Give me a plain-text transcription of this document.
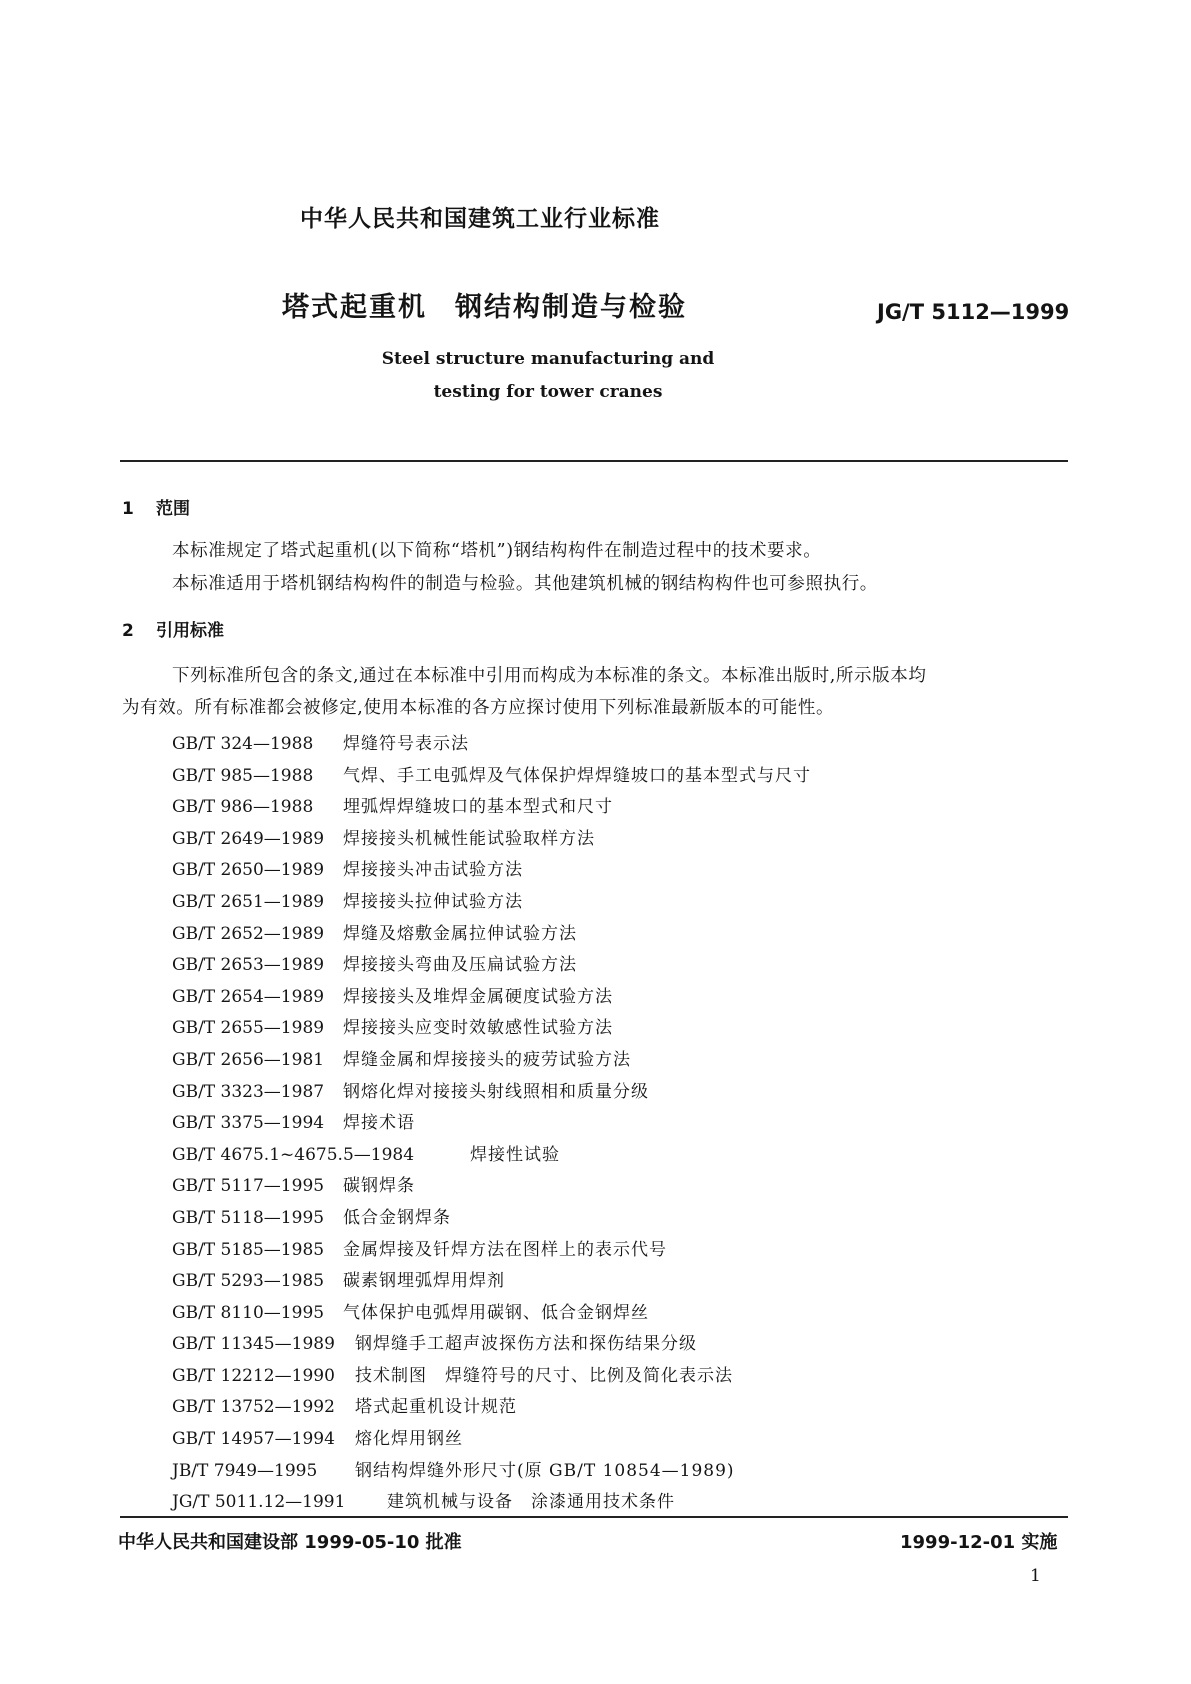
中华人民共和国建筑工业行业标准
塔式起重机 钢结构制造与检验	JG/T 5112—1999
Steel structure manufacturing and
testing for tower cranes
1 范围
本标准规定了塔式起重机(以下简称“塔机”)钢结构构件在制造过程中的技术要求。
本标准适用于塔机钢结构构件的制造与检验。其他建筑机械的钢结构构件也可参照执行。
2 引用标准
下列标准所包含的条文,通过在本标准中引用而构成为本标准的条文。本标准出版时,所示版本均
为有效。所有标准都会被修定,使用本标准的各方应探讨使用下列标准最新版本的可能性。
GB/T 324—1988 焊缝符号表示法
GB/T 985—1988 气焊、手工电弧焊及气体保护焊焊缝坡口的基本型式与尺寸
GB/T 986—1988 埋弧焊焊缝坡口的基本型式和尺寸
GB/T 2649—1989 焊接接头机械性能试验取样方法
GB/T 2650—1989 焊接接头冲击试验方法
GB/T 2651—1989 焊接接头拉伸试验方法
GB/T 2652—1989 焊缝及熔敷金属拉伸试验方法
GB/T 2653—1989 焊接接头弯曲及压扁试验方法
GB/T 2654—1989 焊接接头及堆焊金属硬度试验方法
GB/T 2655—1989 焊接接头应变时效敏感性试验方法
GB/T 2656—1981 焊缝金属和焊接接头的疲劳试验方法
GB/T 3323—1987 钢熔化焊对接接头射线照相和质量分级
GB/T 3375—1994 焊接术语
GB/T 4675.1~4675.5—1984	焊接性试验
GB/T 5117—1995 碳钢焊条
GB/T 5118—1995 低合金钢焊条
GB/T 5185—1985 金属焊接及钎焊方法在图样上的表示代号
GB/T 5293—1985 碳素钢埋弧焊用焊剂
GB/T 8110—1995 气体保护电弧焊用碳钢、低合金钢焊丝
GB/T 11345—1989 钢焊缝手工超声波探伤方法和探伤结果分级
GB/T 12212—1990 技术制图　焊缝符号的尺寸、比例及简化表示法
GB/T 13752—1992 塔式起重机设计规范
GB/T 14957—1994 熔化焊用钢丝
JB/T 7949—1995 钢结构焊缝外形尺寸(原 GB/T 10854—1989)
JG/T 5011.12—1991 建筑机械与设备　涂漆通用技术条件
中华人民共和国建设部 1999-05-10 批准	1999-12-01 实施
1
